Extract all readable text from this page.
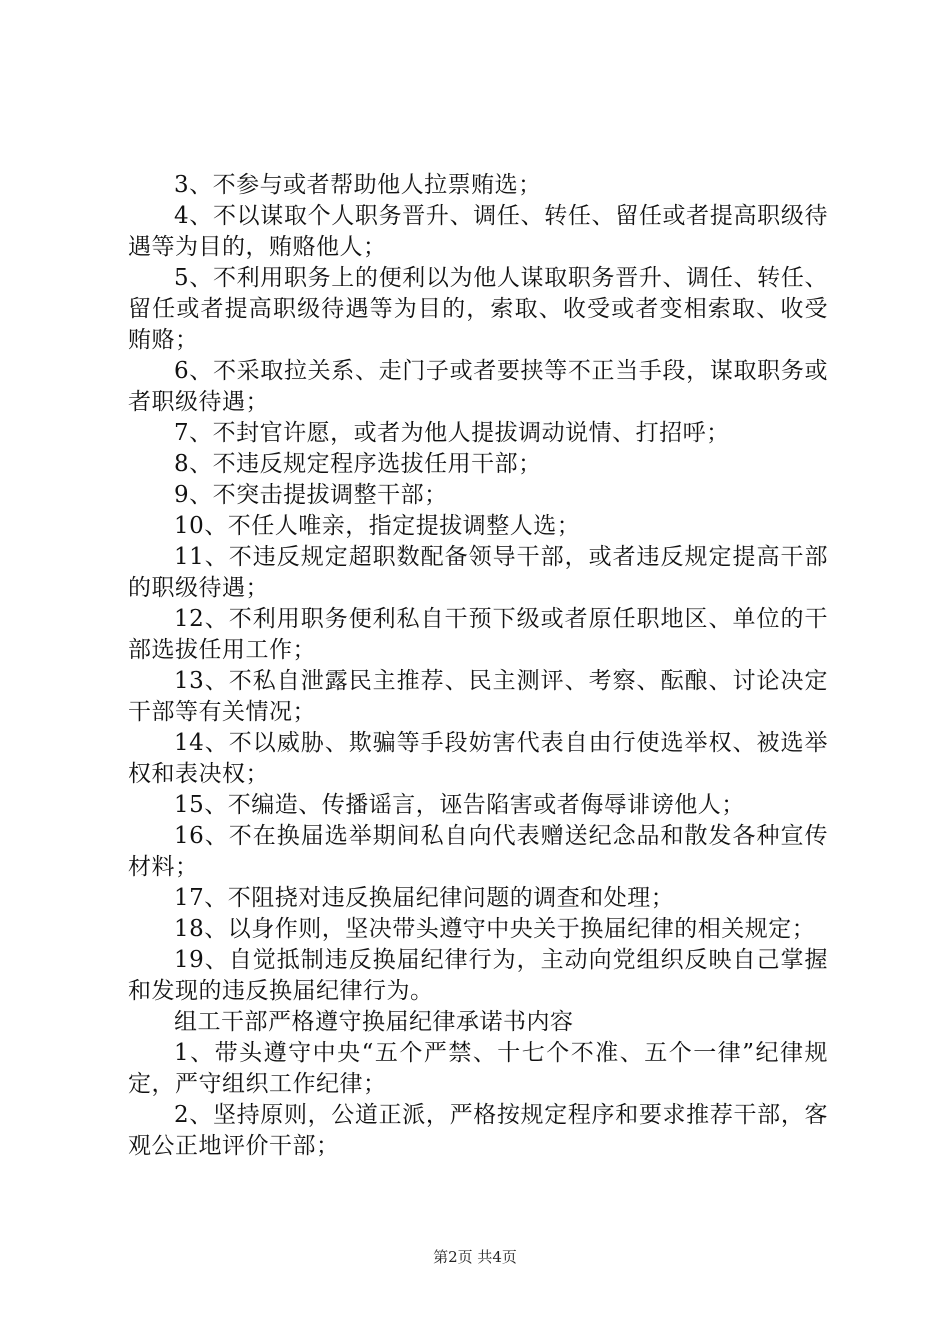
3、不参与或者帮助他人拉票贿选；

4、不以谋取个人职务晋升、调任、转任、留任或者提高职级待遇等为目的，贿赂他人；

5、不利用职务上的便利以为他人谋取职务晋升、调任、转任、留任或者提高职级待遇等为目的，索取、收受或者变相索取、收受贿赂；

6、不采取拉关系、走门子或者要挟等不正当手段，谋取职务或者职级待遇；

7、不封官许愿，或者为他人提拔调动说情、打招呼；

8、不违反规定程序选拔任用干部；

9、不突击提拔调整干部；

10、不任人唯亲，指定提拔调整人选；

11、不违反规定超职数配备领导干部，或者违反规定提高干部的职级待遇；

12、不利用职务便利私自干预下级或者原任职地区、单位的干部选拔任用工作；

13、不私自泄露民主推荐、民主测评、考察、酝酿、讨论决定干部等有关情况；

14、不以威胁、欺骗等手段妨害代表自由行使选举权、被选举权和表决权；

15、不编造、传播谣言，诬告陷害或者侮辱诽谤他人；

16、不在换届选举期间私自向代表赠送纪念品和散发各种宣传材料；

17、不阻挠对违反换届纪律问题的调查和处理；

18、以身作则，坚决带头遵守中央关于换届纪律的相关规定；

19、自觉抵制违反换届纪律行为，主动向党组织反映自己掌握和发现的违反换届纪律行为。

组工干部严格遵守换届纪律承诺书内容

1、带头遵守中央“五个严禁、十七个不准、五个一律”纪律规定，严守组织工作纪律；

2、坚持原则，公道正派，严格按规定程序和要求推荐干部，客观公正地评价干部；

第2页 共4页
